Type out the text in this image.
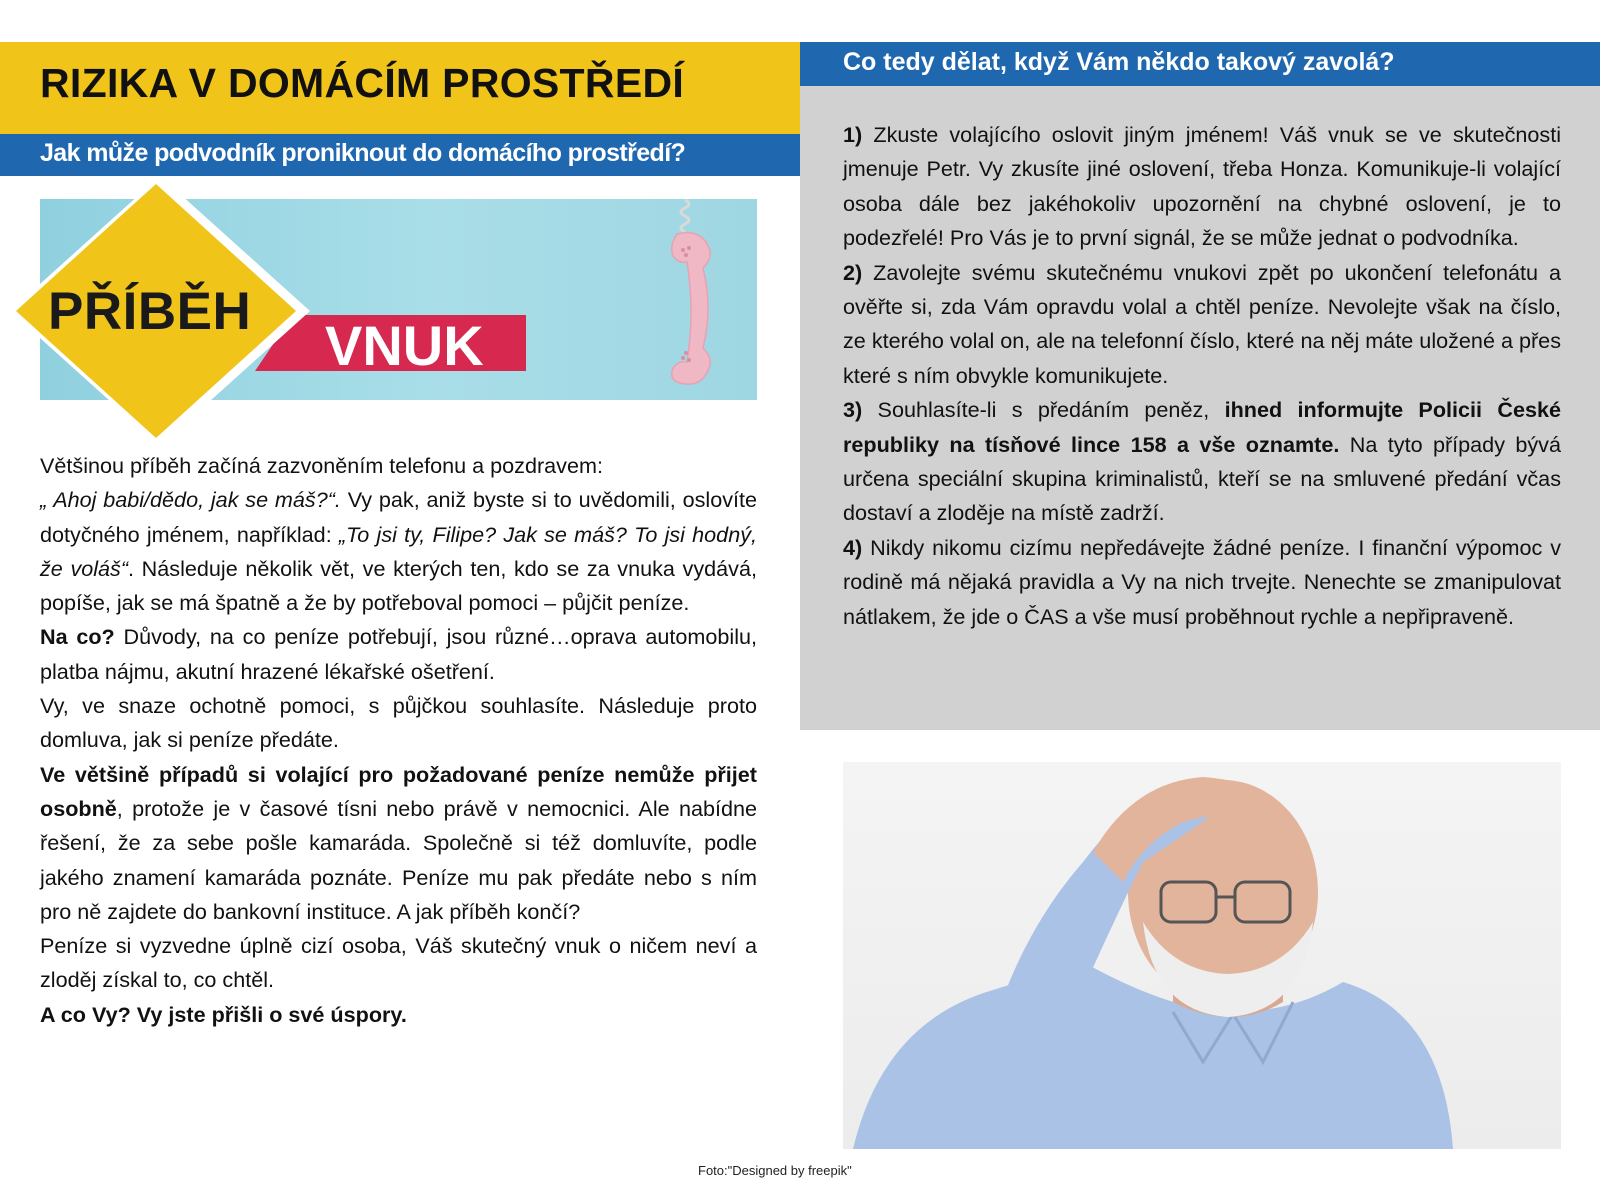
RIZIKA V DOMÁCÍM PROSTŘEDÍ
Jak může podvodník proniknout do domácího prostředí?
VNUK
PŘÍBĚH

Většinou příběh začíná zazvoněním telefonu a pozdravem:

„ Ahoj babi/dědo, jak se máš?“. Vy pak, aniž byste si to uvědomili, oslovíte dotyčného jménem, například: „To jsi ty, Filipe? Jak se máš? To jsi hodný, že voláš“. Následuje několik vět, ve kterých ten, kdo se za vnuka vydává, popíše, jak se má špatně a že by potřeboval pomoci – půjčit peníze.

Na co? Důvody, na co peníze potřebují, jsou různé…oprava automobilu, platba nájmu, akutní hrazené lékařské ošetření.

Vy, ve snaze ochotně pomoci, s půjčkou souhlasíte. Následuje proto domluva, jak si peníze předáte.

Ve většině případů si volající pro požadované peníze nemůže přijet osobně, protože je v časové tísni nebo právě v nemocnici. Ale nabídne řešení, že za sebe pošle kamaráda. Společně si též domluvíte, podle jakého znamení kamaráda poznáte. Peníze mu pak předáte nebo s ním pro ně zajdete do bankovní instituce. A jak příběh končí?

Peníze si vyzvedne úplně cizí osoba, Váš skutečný vnuk o ničem neví a zloděj získal to, co chtěl.

A co Vy? Vy jste přišli o své úspory.

Co tedy dělat, když Vám někdo takový zavolá?

1) Zkuste volajícího oslovit jiným jménem! Váš vnuk se ve skutečnosti jmenuje Petr. Vy zkusíte jiné oslovení, třeba Honza. Komunikuje-li volající osoba dále bez jakéhokoliv upozornění na chybné oslovení, je to podezřelé! Pro Vás je to první signál, že se může jednat o podvodníka.

2) Zavolejte svému skutečnému vnukovi zpět po ukončení telefonátu a ověřte si, zda Vám opravdu volal a chtěl peníze. Nevolejte však na číslo, ze kterého volal on, ale na telefonní číslo, které na něj máte uložené a přes které s ním obvykle komunikujete.

3) Souhlasíte-li s předáním peněz, ihned informujte Policii České republiky na tísňové lince 158 a vše oznamte. Na tyto případy bývá určena speciální skupina kriminalistů, kteří se na smluvené předání včas dostaví a zloděje na místě zadrží.

4) Nikdy nikomu cizímu nepředávejte žádné peníze. I finanční výpomoc v rodině má nějaká pravidla a Vy na nich trvejte. Nenechte se zmanipulovat nátlakem, že jde o ČAS a vše musí proběhnout rychle a nepřipraveně.

Foto:"Designed by freepik"
